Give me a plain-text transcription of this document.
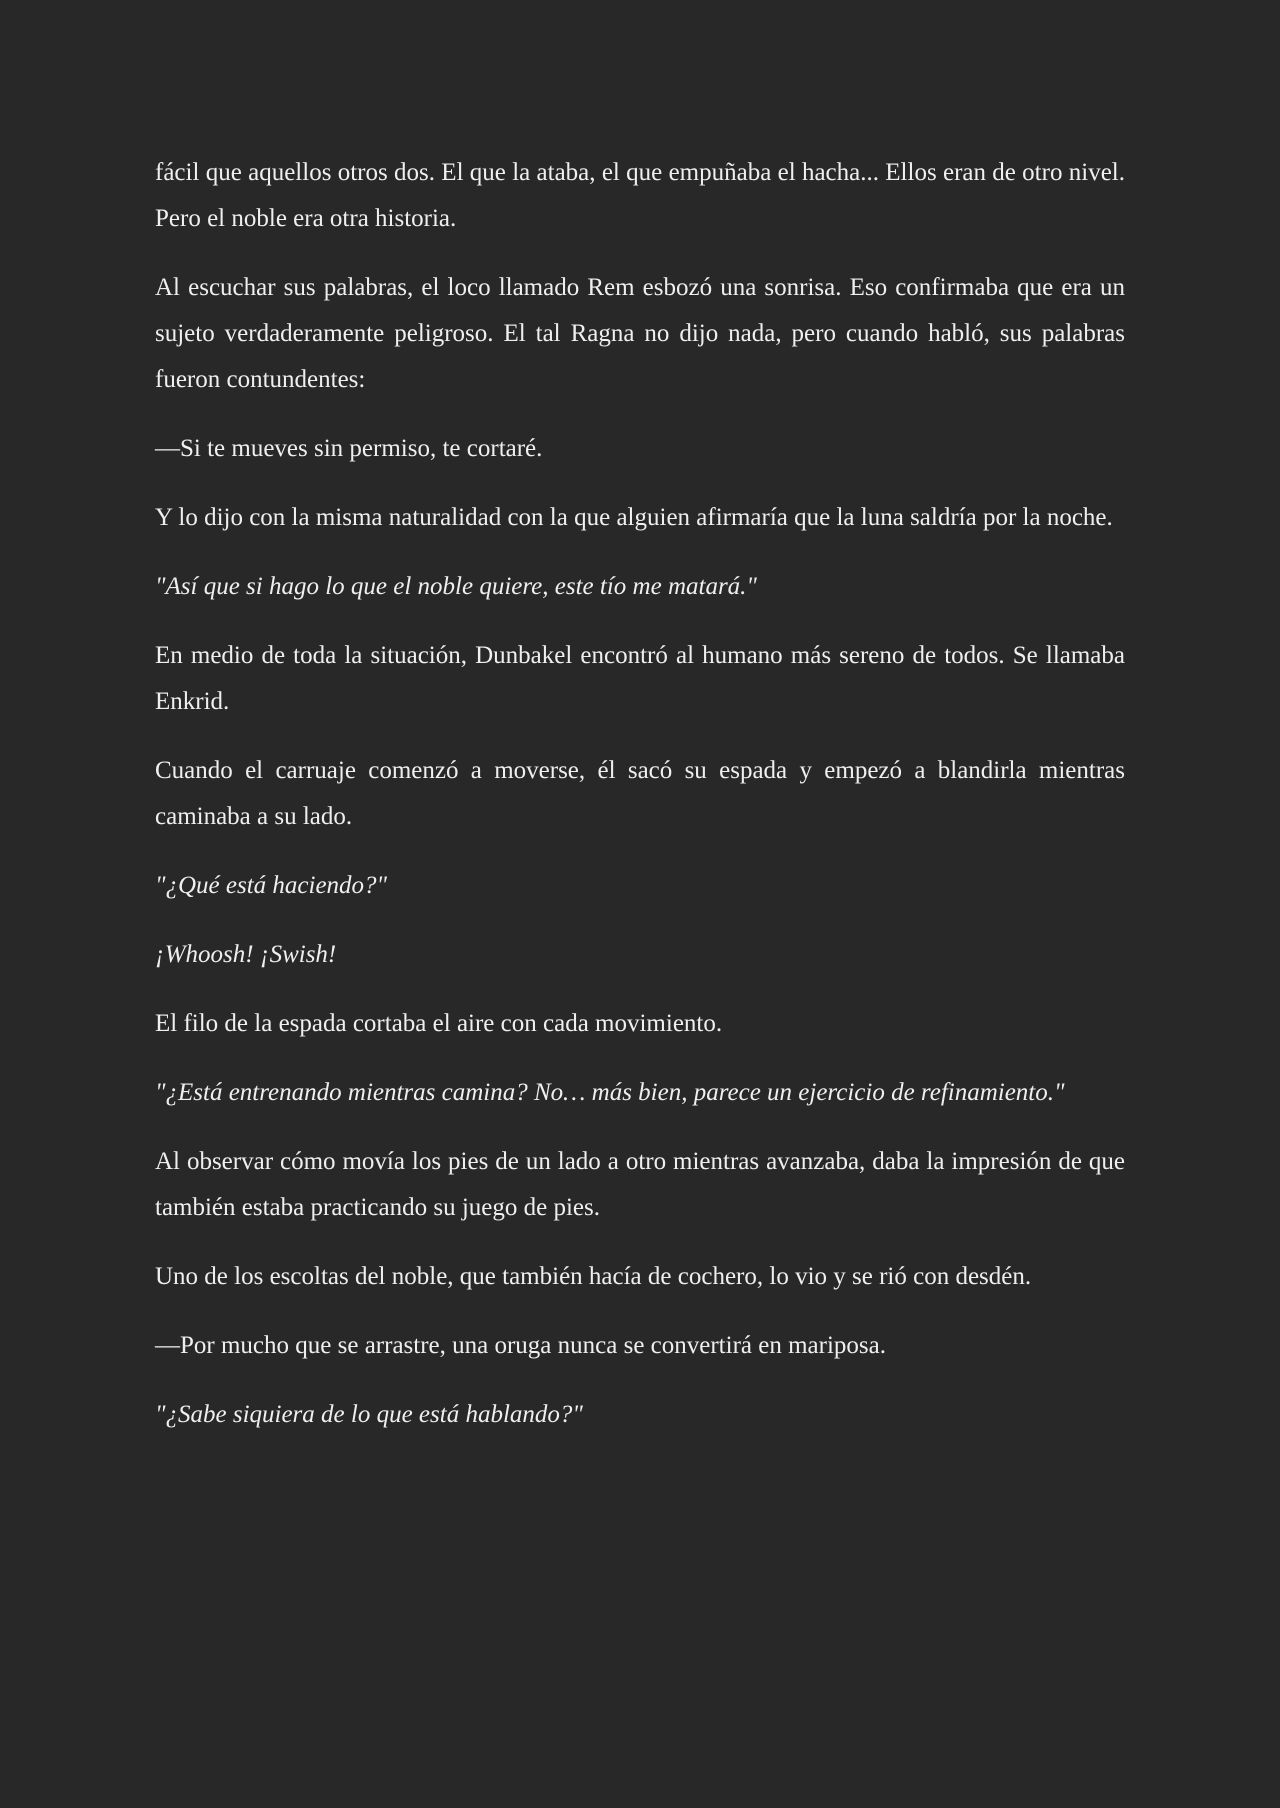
fácil que aquellos otros dos. El que la ataba, el que empuñaba el hacha... Ellos eran de otro nivel. Pero el noble era otra historia.

Al escuchar sus palabras, el loco llamado Rem esbozó una sonrisa. Eso confirmaba que era un sujeto verdaderamente peligroso. El tal Ragna no dijo nada, pero cuando habló, sus palabras fueron contundentes:

—Si te mueves sin permiso, te cortaré.

Y lo dijo con la misma naturalidad con la que alguien afirmaría que la luna saldría por la noche.

"Así que si hago lo que el noble quiere, este tío me matará."

En medio de toda la situación, Dunbakel encontró al humano más sereno de todos. Se llamaba Enkrid.

Cuando el carruaje comenzó a moverse, él sacó su espada y empezó a blandirla mientras caminaba a su lado.

"¿Qué está haciendo?"

¡Whoosh! ¡Swish!

El filo de la espada cortaba el aire con cada movimiento.

"¿Está entrenando mientras camina? No… más bien, parece un ejercicio de refinamiento."

Al observar cómo movía los pies de un lado a otro mientras avanzaba, daba la impresión de que también estaba practicando su juego de pies.

Uno de los escoltas del noble, que también hacía de cochero, lo vio y se rió con desdén.

—Por mucho que se arrastre, una oruga nunca se convertirá en mariposa.

"¿Sabe siquiera de lo que está hablando?"
